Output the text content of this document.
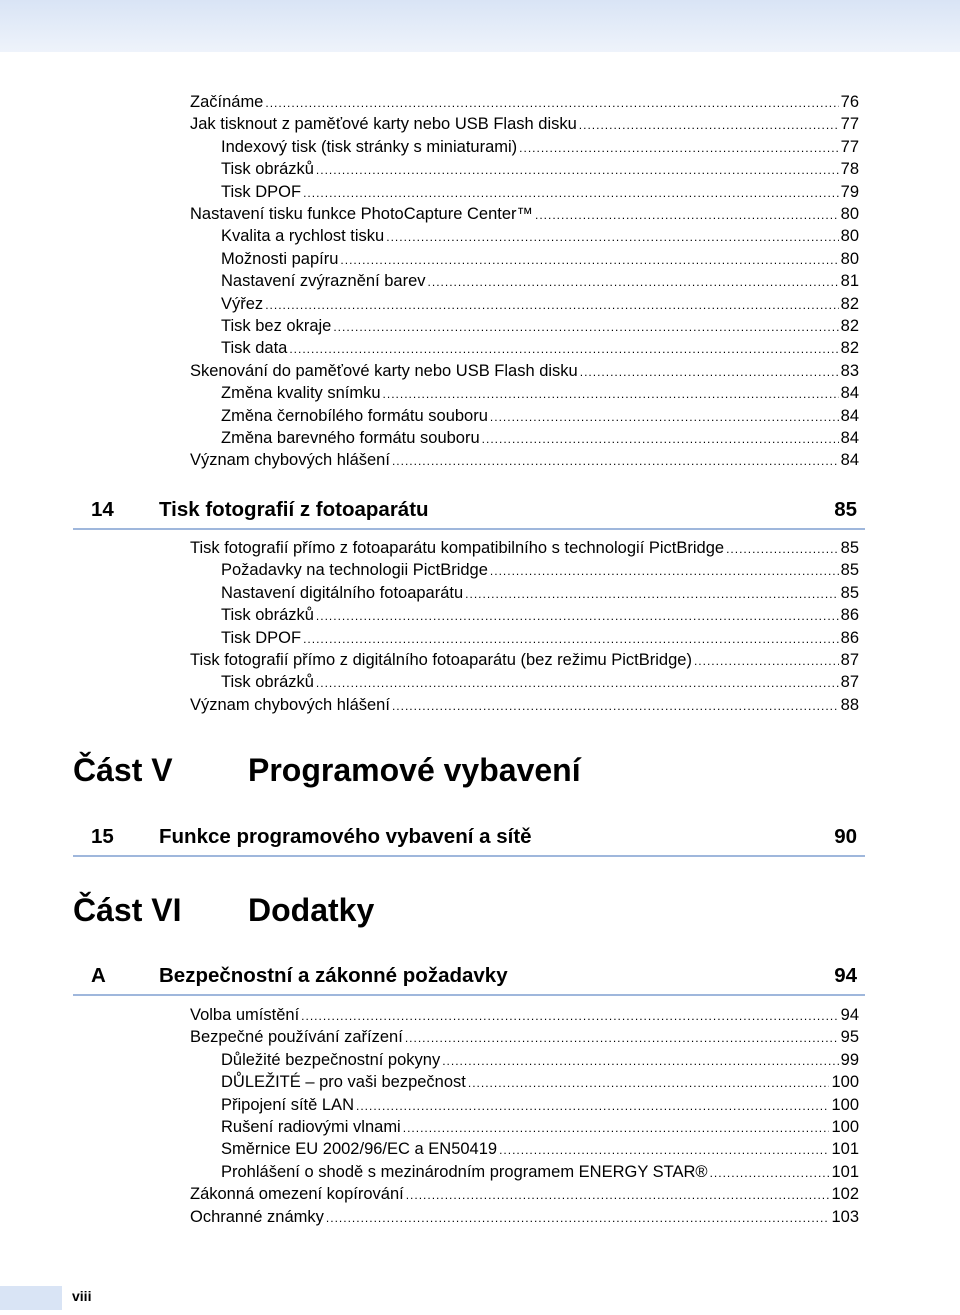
Začínáme .....	76
Jak tisknout z paměťové karty nebo USB Flash disku .....	77
Indexový tisk (tisk stránky s miniaturami) .....	77
Tisk obrázků .....	78
Tisk DPOF .....	79
Nastavení tisku funkce PhotoCapture Center™ .....	80
Kvalita a rychlost tisku .....	80
Možnosti papíru .....	80
Nastavení zvýraznění barev .....	81
Výřez .....	82
Tisk bez okraje .....	82
Tisk data .....	82
Skenování do paměťové karty nebo USB Flash disku .....	83
Změna kvality snímku .....	84
Změna černobílého formátu souboru .....	84
Změna barevného formátu souboru .....	84
Význam chybových hlášení .....	84
14 Tisk fotografií z fotoaparátu	85
Tisk fotografií přímo z fotoaparátu kompatibilního s technologií PictBridge .....	85
Požadavky na technologii PictBridge .....	85
Nastavení digitálního fotoaparátu .....	85
Tisk obrázků .....	86
Tisk DPOF .....	86
Tisk fotografií přímo z digitálního fotoaparátu (bez režimu PictBridge) .....	87
Tisk obrázků .....	87
Význam chybových hlášení .....	88
Část V Programové vybavení
15 Funkce programového vybavení a sítě	90
Část VI Dodatky
A	Bezpečnostní a zákonné požadavky	94
Volba umístění .....	94
Bezpečné používání zařízení .....	95
Důležité bezpečnostní pokyny .....	99
DŮLEŽITÉ – pro vaši bezpečnost .....	100
Připojení sítě LAN .....	100
Rušení radiovými vlnami .....	100
Směrnice EU 2002/96/EC a EN50419 .....	101
Prohlášení o shodě s mezinárodním programem ENERGY STAR® .....	101
Zákonná omezení kopírování .....	102
Ochranné známky .....	103
viii
